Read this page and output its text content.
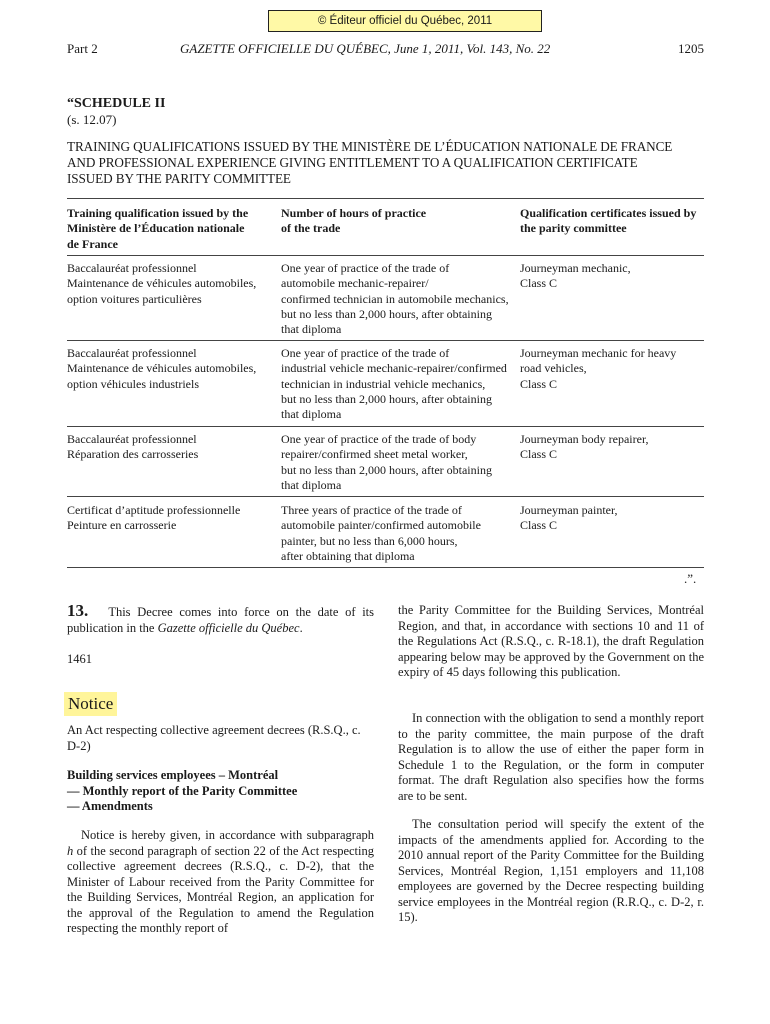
© Éditeur officiel du Québec, 2011
Part 2	GAZETTE OFFICIELLE DU QUÉBEC, June 1, 2011, Vol. 143, No. 22	1205
“SCHEDULE II
(s. 12.07)
TRAINING QUALIFICATIONS ISSUED BY THE MINISTÈRE DE L’ÉDUCATION NATIONALE DE FRANCE
AND PROFESSIONAL EXPERIENCE GIVING ENTITLEMENT TO A QUALIFICATION CERTIFICATE
ISSUED BY THE PARITY COMMITTEE
Training qualification issued by the
Ministère de l’Éducation nationale
de France
Number of hours of practice
of the trade
Qualification certificates issued by
the parity committee
Baccalauréat professionnel
Maintenance de véhicules automobiles,
option voitures particulières
One year of practice of the trade of
automobile mechanic-repairer/
confirmed technician in automobile mechanics,
but no less than 2,000 hours, after obtaining
that diploma
Journeyman mechanic,
Class C
Baccalauréat professionnel
Maintenance de véhicules automobiles,
option véhicules industriels
One year of practice of the trade of
industrial vehicle mechanic-repairer/confirmed
technician in industrial vehicle mechanics,
but no less than 2,000 hours, after obtaining
that diploma
Journeyman mechanic for heavy
road vehicles,
Class C
Baccalauréat professionnel
Réparation des carrosseries
One year of practice of the trade of body
repairer/confirmed sheet metal worker,
but no less than 2,000 hours, after obtaining
that diploma
Journeyman body repairer,
Class C
Certificat d’aptitude professionnelle
Peinture en carrosserie
Three years of practice of the trade of
automobile painter/confirmed automobile
painter, but no less than 6,000 hours,
after obtaining that diploma
Journeyman painter,
Class C
.”.

13. This Decree comes into force on the date of its publication in the Gazette officielle du Québec.

1461
Notice
An Act respecting collective agreement decrees (R.S.Q., c. D-2)
Building services employees – Montréal
— Monthly report of the Parity Committee
— Amendments

Notice is hereby given, in accordance with subparagraph h of the second paragraph of section 22 of the Act respecting collective agreement decrees (R.S.Q., c. D-2), that the Minister of Labour received from the Parity Committee for the Building Services, Montréal Region, an application for the approval of the Regulation to amend the Regulation respecting the monthly report of

the Parity Committee for the Building Services, Montréal Region, and that, in accordance with sections 10 and 11 of the Regulations Act (R.S.Q., c. R-18.1), the draft Regulation appearing below may be approved by the Government on the expiry of 45 days following this publication.
In connection with the obligation to send a monthly report to the parity committee, the main purpose of the draft Regulation is to allow the use of either the paper form in Schedule 1 to the Regulation, or the form in computer format. The draft Regulation also specifies how the forms are to be sent.
The consultation period will specify the extent of the impacts of the amendments applied for. According to the 2010 annual report of the Parity Committee for the Building Services, Montréal Region, 1,151 employers and 11,108 employees are governed by the Decree respecting building service employees in the Montréal region (R.R.Q., c. D-2, r. 15).
